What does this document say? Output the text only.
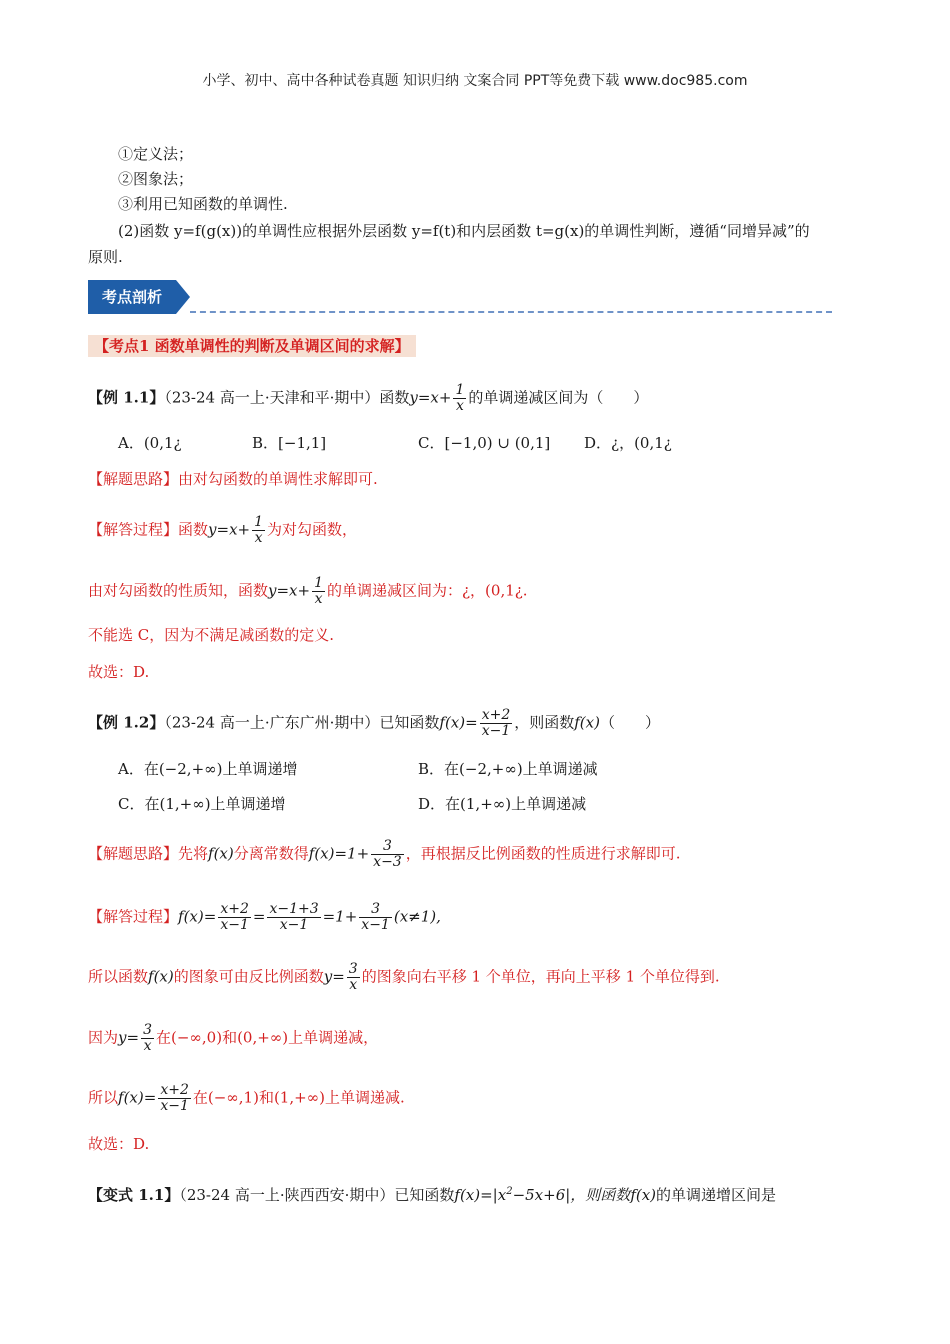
小学、初中、高中各种试卷真题 知识归纳 文案合同 PPT等免费下载 www.doc985.com
①定义法；
②图象法；
③利用已知函数的单调性.
(2)函数 y=f(g(x))的单调性应根据外层函数 y=f(t)和内层函数 t=g(x)的单调性判断，遵循“同增异减”的
原则.
考点剖析
【考点1 函数单调性的判断及单调区间的求解】
【例 1.1】（23-24 高一上·天津和平·期中）函数$y=x+ \frac{1}{x}$ 的单调递减区间为（　　）
A．(0,1¿	B．[−1,1]	C．[−1,0) ∪ (0,1] D．¿，(0,1¿
【解题思路】由对勾函数的单调性求解即可.
【解答过程】函数$y=x+ \frac{1}{x}$ 为对勾函数，
由对勾函数的性质知，函数$y=x+ \frac{1}{x}$ 的单调递减区间为：¿，(0,1¿.
不能选 C，因为不满足减函数的定义.
故选：D.
【例 1.2】（23-24 高一上·广东广州·期中）已知函数$f(x)= \frac{x+2}{x-1}$ ，则函数f(x)（　　）
A．在(−2,+∞)上单调递增	B．在(−2,+∞)上单调递减
C．在(1,+∞)上单调递增	D．在(1,+∞)上单调递减
【解题思路】先将f(x)分离常数得$f(x)=1+ \frac{3}{x-3}$ ，再根据反比例函数的性质进行求解即可.
【解答过程】$f(x)= \frac{x+2}{x-1} = \frac{x-1+3}{x-1} =1+ \frac{3}{x-1} (x\ne 1)$,
所以函数f(x)的图象可由反比例函数$y= \frac{3}{x}$ 的图象向右平移 1 个单位，再向上平移 1 个单位得到.
因为$y= \frac{3}{x}$ 在(−∞,0)和(0,+∞)上单调递减，
所以$f(x)= \frac{x+2}{x-1}$ 在(−∞,1)和(1,+∞)上单调递减.
故选：D.
【变式 1.1】（23-24 高一上·陕西西安·期中）已知函数$f(x)=|x^2-5x+6|$，则函数f(x)的单调递增区间是
